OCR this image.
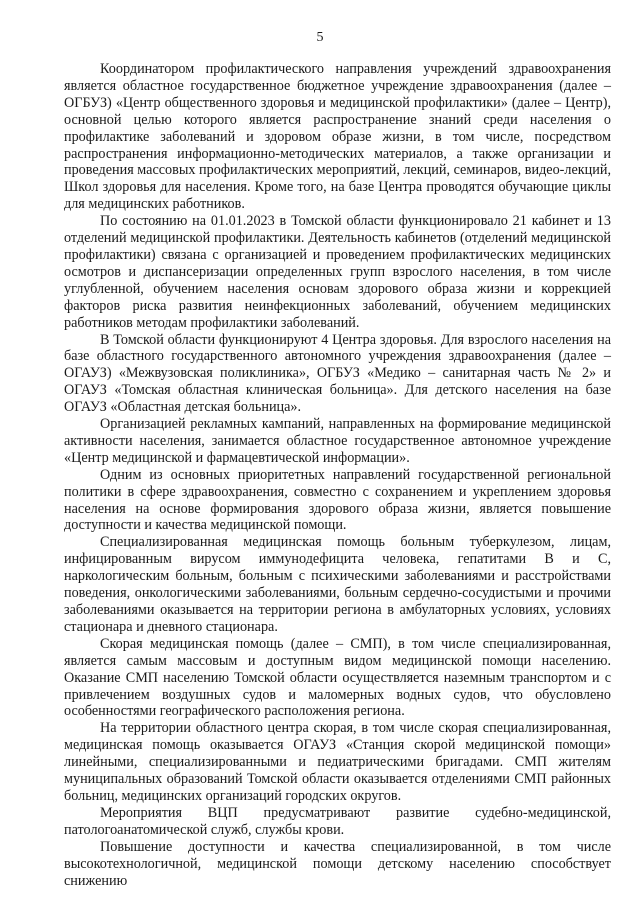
5

Координатором профилактического направления учреждений здравоохранения является областное государственное бюджетное учреждение здравоохранения (далее – ОГБУЗ) «Центр общественного здоровья и медицинской профилактики» (далее – Центр), основной целью которого является распространение знаний среди населения о профилактике заболеваний и здоровом образе жизни, в том числе, посредством распространения информационно-методических материалов, а также организации и проведения массовых профилактических мероприятий, лекций, семинаров, видео-лекций, Школ здоровья для населения. Кроме того, на базе Центра проводятся обучающие циклы для медицинских работников.

По состоянию на 01.01.2023 в Томской области функционировало 21 кабинет и 13 отделений медицинской профилактики. Деятельность кабинетов (отделений медицинской профилактики) связана с организацией и проведением профилактических медицинских осмотров и диспансеризации определенных групп взрослого населения, в том числе углубленной, обучением населения основам здорового образа жизни и коррекцией факторов риска развития неинфекционных заболеваний, обучением медицинских работников методам профилактики заболеваний.

В Томской области функционируют 4 Центра здоровья. Для взрослого населения на базе областного государственного автономного учреждения здравоохранения (далее – ОГАУЗ) «Межвузовская поликлиника», ОГБУЗ «Медико – санитарная часть № 2» и ОГАУЗ «Томская областная клиническая больница». Для детского населения на базе ОГАУЗ «Областная детская больница».

Организацией рекламных кампаний, направленных на формирование медицинской активности населения, занимается областное государственное автономное учреждение «Центр медицинской и фармацевтической информации».

Одним из основных приоритетных направлений государственной региональной политики в сфере здравоохранения, совместно с сохранением и укреплением здоровья населения на основе формирования здорового образа жизни, является повышение доступности и качества медицинской помощи.

Специализированная медицинская помощь больным туберкулезом, лицам, инфицированным вирусом иммунодефицита человека, гепатитами В и С, наркологическим больным, больным с психическими заболеваниями и расстройствами поведения, онкологическими заболеваниями, больным сердечно-сосудистыми и прочими заболеваниями оказывается на территории региона в амбулаторных условиях, условиях стационара и дневного стационара.

Скорая медицинская помощь (далее – СМП), в том числе специализированная, является самым массовым и доступным видом медицинской помощи населению. Оказание СМП населению Томской области осуществляется наземным транспортом и с привлечением воздушных судов и маломерных водных судов, что обусловлено особенностями географического расположения региона.

На территории областного центра скорая, в том числе скорая специализированная, медицинская помощь оказывается ОГАУЗ «Станция скорой медицинской помощи» линейными, специализированными и педиатрическими бригадами. СМП жителям муниципальных образований Томской области оказывается отделениями СМП районных больниц, медицинских организаций городских округов.

Мероприятия ВЦП предусматривают развитие судебно-медицинской, патологоанатомической служб, службы крови.

Повышение доступности и качества специализированной, в том числе высокотехнологичной, медицинской помощи детскому населению способствует снижению
